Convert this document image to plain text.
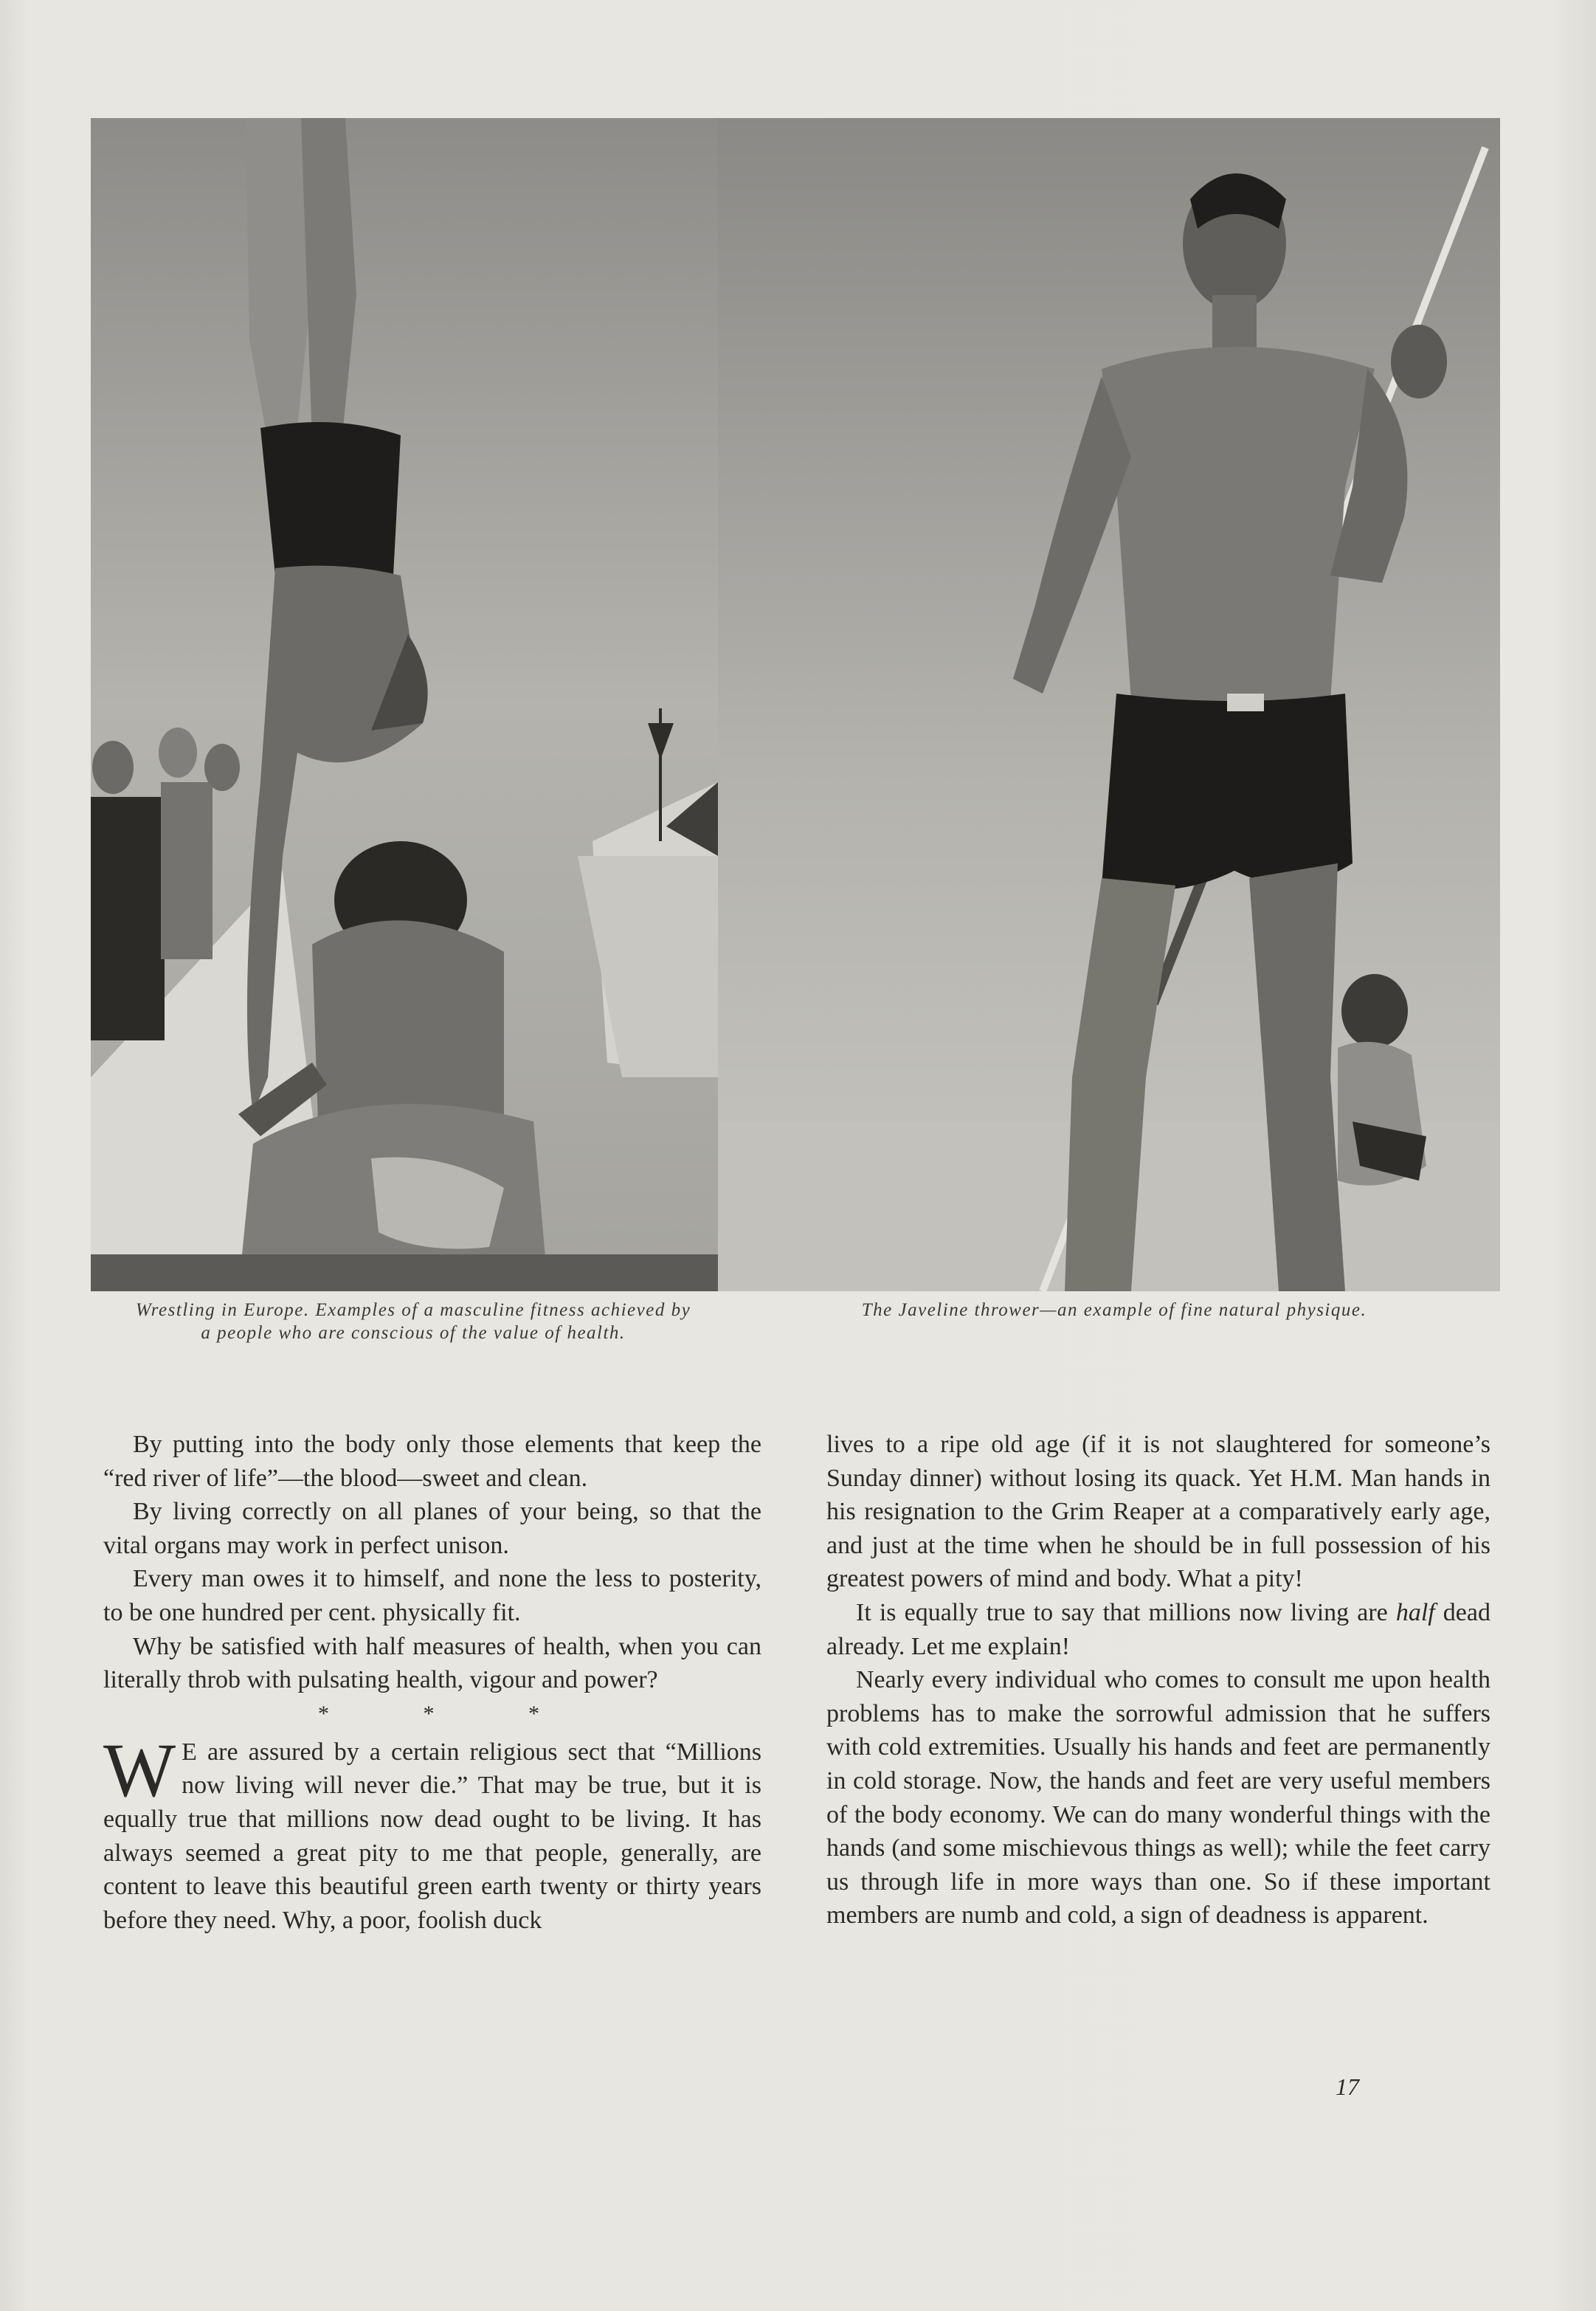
Wrestling in Europe. Examples of a masculine fitness achieved by a people who are conscious of the value of health.
The Javeline thrower—an example of fine natural physique.

By putting into the body only those elements that keep the “red river of life”—the blood—sweet and clean.

By living correctly on all planes of your being, so that the vital organs may work in perfect unison.

Every man owes it to himself, and none the less to posterity, to be one hundred per cent. physically fit.

Why be satisfied with half measures of health, when you can literally throb with pulsating health, vigour and power?

* * *

W E are assured by a certain religious sect that “Millions now living will never die.” That may be true, but it is equally true that millions now dead ought to be living. It has always seemed a great pity to me that people, generally, are content to leave this beautiful green earth twenty or thirty years before they need. Why, a poor, foolish duck

lives to a ripe old age (if it is not slaughtered for someone’s Sunday dinner) without losing its quack. Yet H.M. Man hands in his resignation to the Grim Reaper at a comparatively early age, and just at the time when he should be in full possession of his greatest powers of mind and body. What a pity!

It is equally true to say that millions now living are half dead already. Let me explain!

Nearly every individual who comes to consult me upon health problems has to make the sorrowful admission that he suffers with cold extremities. Usually his hands and feet are permanently in cold storage. Now, the hands and feet are very useful members of the body economy. We can do many wonderful things with the hands (and some mischievous things as well); while the feet carry us through life in more ways than one. So if these important members are numb and cold, a sign of deadness is apparent.

17
